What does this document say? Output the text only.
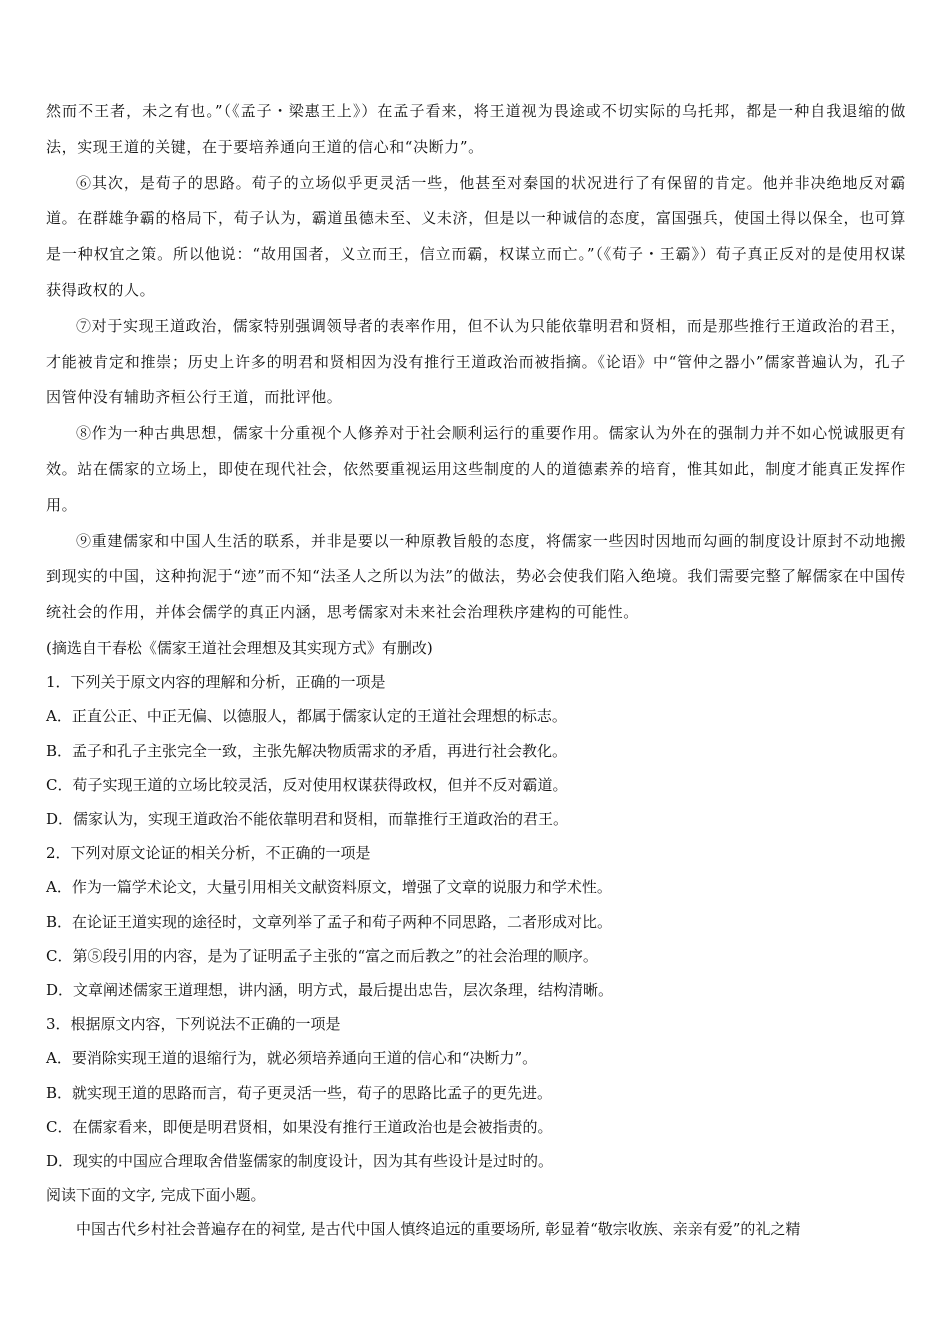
然而不王者，未之有也。”（《孟子・梁惠王上》）在孟子看来，将王道视为畏途或不切实际的乌托邦，都是一种自我退缩的做法，实现王道的关键，在于要培养通向王道的信心和“决断力”。

⑥其次，是荀子的思路。荀子的立场似乎更灵活一些，他甚至对秦国的状况进行了有保留的肯定。他并非决绝地反对霸道。在群雄争霸的格局下，荀子认为，霸道虽德未至、义未济，但是以一种诚信的态度，富国强兵，使国土得以保全，也可算是一种权宜之策。所以他说：“故用国者，义立而王，信立而霸，权谋立而亡。”（《荀子・王霸》）荀子真正反对的是使用权谋获得政权的人。

⑦对于实现王道政治，儒家特别强调领导者的表率作用，但不认为只能依靠明君和贤相，而是那些推行王道政治的君王，才能被肯定和推崇；历史上许多的明君和贤相因为没有推行王道政治而被指摘。《论语》中“管仲之器小”儒家普遍认为，孔子因管仲没有辅助齐桓公行王道，而批评他。

⑧作为一种古典思想，儒家十分重视个人修养对于社会顺利运行的重要作用。儒家认为外在的强制力并不如心悦诚服更有效。站在儒家的立场上，即使在现代社会，依然要重视运用这些制度的人的道德素养的培育，惟其如此，制度才能真正发挥作用。

⑨重建儒家和中国人生活的联系，并非是要以一种原教旨般的态度，将儒家一些因时因地而勾画的制度设计原封不动地搬到现实的中国，这种拘泥于“迹”而不知“法圣人之所以为法”的做法，势必会使我们陷入绝境。我们需要完整了解儒家在中国传统社会的作用，并体会儒学的真正内涵，思考儒家对未来社会治理秩序建构的可能性。

(摘选自干春松《儒家王道社会理想及其实现方式》有删改)

1．下列关于原文内容的理解和分析，正确的一项是

A．正直公正、中正无偏、以德服人，都属于儒家认定的王道社会理想的标志。

B．孟子和孔子主张完全一致，主张先解决物质需求的矛盾，再进行社会教化。

C．荀子实现王道的立场比较灵活，反对使用权谋获得政权，但并不反对霸道。

D．儒家认为，实现王道政治不能依靠明君和贤相，而靠推行王道政治的君王。

2．下列对原文论证的相关分析，不正确的一项是

A．作为一篇学术论文，大量引用相关文献资料原文，增强了文章的说服力和学术性。

B．在论证王道实现的途径时，文章列举了孟子和荀子两种不同思路，二者形成对比。

C．第⑤段引用的内容，是为了证明孟子主张的“富之而后教之”的社会治理的顺序。

D．文章阐述儒家王道理想，讲内涵，明方式，最后提出忠告，层次条理，结构清晰。

3．根据原文内容，下列说法不正确的一项是

A．要消除实现王道的退缩行为，就必须培养通向王道的信心和“决断力”。

B．就实现王道的思路而言，荀子更灵活一些，荀子的思路比孟子的更先进。

C．在儒家看来，即便是明君贤相，如果没有推行王道政治也是会被指责的。

D．现实的中国应合理取舍借鉴儒家的制度设计，因为其有些设计是过时的。

阅读下面的文字, 完成下面小题。

中国古代乡村社会普遍存在的祠堂, 是古代中国人慎终追远的重要场所, 彰显着“敬宗收族、亲亲有爱”的礼之精
